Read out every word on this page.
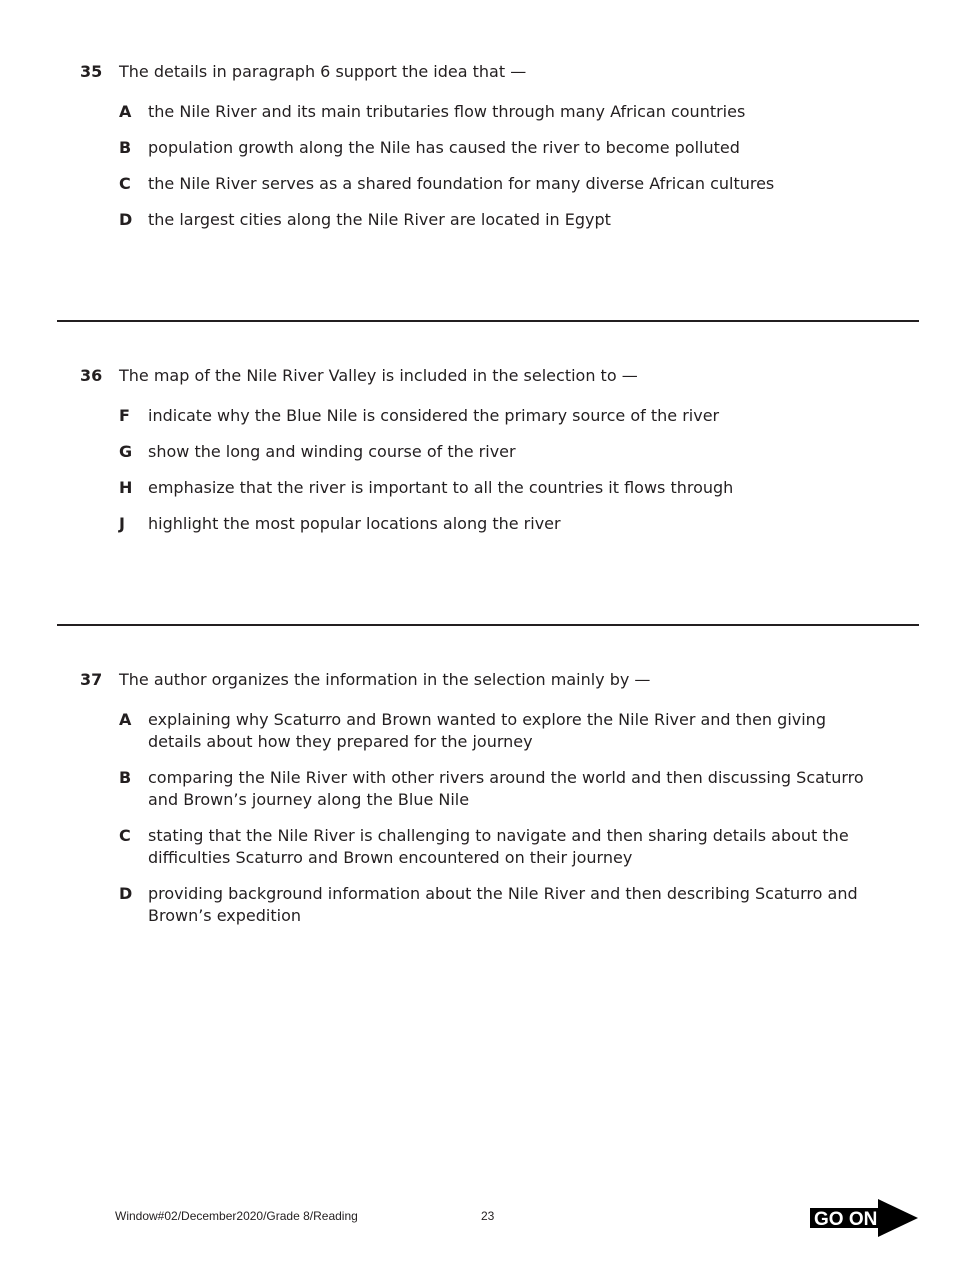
35	The details in paragraph 6 support the idea that —
A	the Nile River and its main tributaries flow through many African countries
B	population growth along the Nile has caused the river to become polluted
C	the Nile River serves as a shared foundation for many diverse African cultures
D the largest cities along the Nile River are located in Egypt
36	The map of the Nile River Valley is included in the selection to —
F	indicate why the Blue Nile is considered the primary source of the river
G show the long and winding course of the river
H emphasize that the river is important to all the countries it flows through
J	highlight the most popular locations along the river
37	The author organizes the information in the selection mainly by —
A	explaining why Scaturro and Brown wanted to explore the Nile River and then giving details about how they prepared for the journey
B	comparing the Nile River with other rivers around the world and then discussing Scaturro and Brown’s journey along the Blue Nile
C	stating that the Nile River is challenging to navigate and then sharing details about the difficulties Scaturro and Brown encountered on their journey
D providing background information about the Nile River and then describing Scaturro and Brown’s expedition
Window#02/December2020/Grade 8/Reading	23	GO ON
